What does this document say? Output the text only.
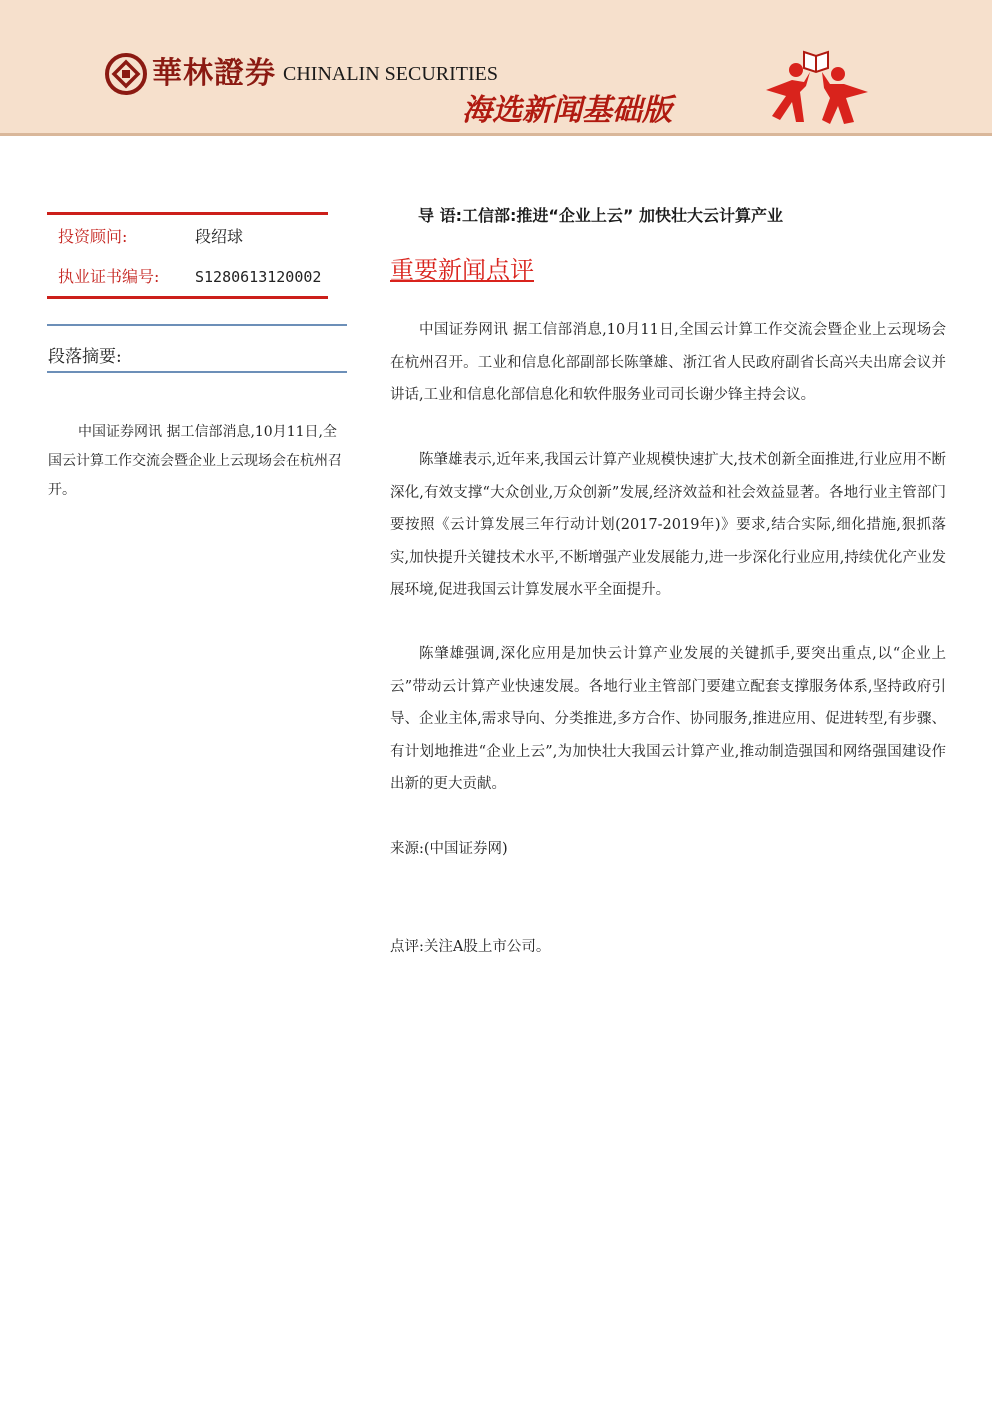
華林證券 CHINALIN SECURITIES
海选新闻基础版
投资顾问:	段绍球
执业证书编号: S1280613120002
段落摘要:
中国证券网讯 据工信部消息,10月11日,全国云计算工作交流会暨企业上云现场会在杭州召开。
导 语:工信部:推进“企业上云” 加快壮大云计算产业
重要新闻点评

中国证券网讯 据工信部消息,10月11日,全国云计算工作交流会暨企业上云现场会在杭州召开。工业和信息化部副部长陈肇雄、浙江省人民政府副省长高兴夫出席会议并讲话,工业和信息化部信息化和软件服务业司司长谢少锋主持会议。

陈肇雄表示,近年来,我国云计算产业规模快速扩大,技术创新全面推进,行业应用不断深化,有效支撑“大众创业,万众创新”发展,经济效益和社会效益显著。各地行业主管部门要按照《云计算发展三年行动计划(2017-2019年)》要求,结合实际,细化措施,狠抓落实,加快提升关键技术水平,不断增强产业发展能力,进一步深化行业应用,持续优化产业发展环境,促进我国云计算发展水平全面提升。

陈肇雄强调,深化应用是加快云计算产业发展的关键抓手,要突出重点,以“企业上云”带动云计算产业快速发展。各地行业主管部门要建立配套支撑服务体系,坚持政府引导、企业主体,需求导向、分类推进,多方合作、协同服务,推进应用、促进转型,有步骤、有计划地推进“企业上云”,为加快壮大我国云计算产业,推动制造强国和网络强国建设作出新的更大贡献。

来源:(中国证券网)
点评:关注A股上市公司。
